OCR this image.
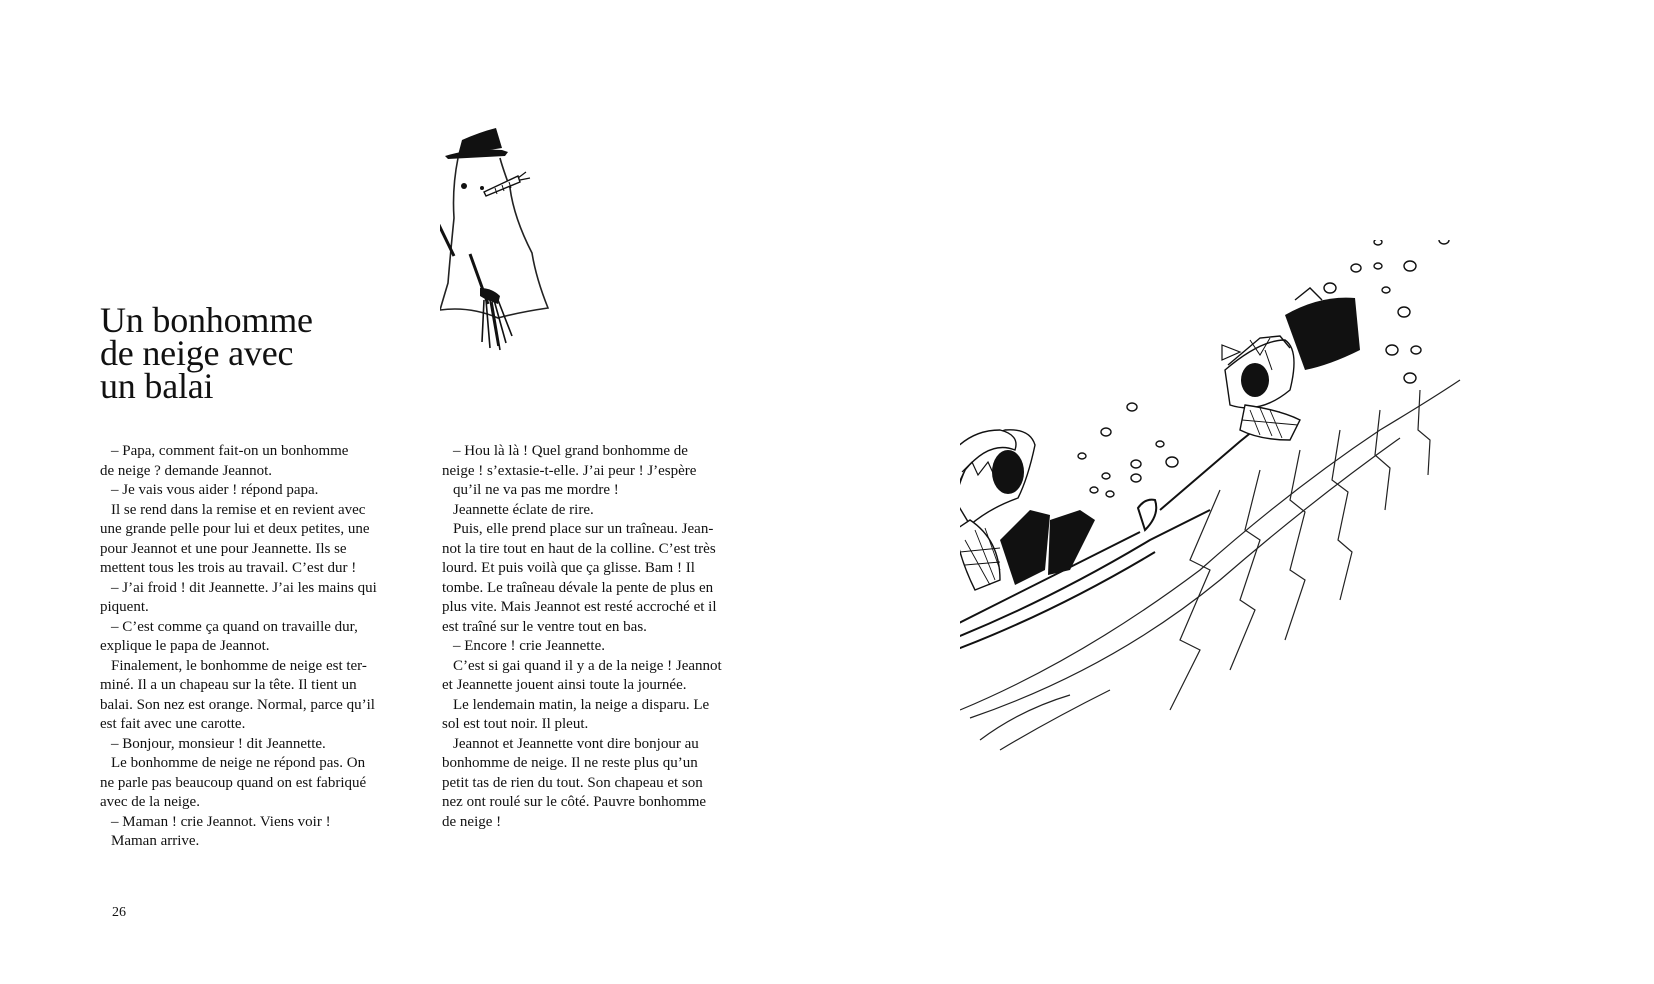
Un bonhomme
de neige avec
un balai
– Papa, comment fait-on un bonhomme
de neige ? demande Jeannot.
– Je vais vous aider ! répond papa.
Il se rend dans la remise et en revient avec
une grande pelle pour lui et deux petites, une
pour Jeannot et une pour Jeannette. Ils se
mettent tous les trois au travail. C’est dur !
– J’ai froid ! dit Jeannette. J’ai les mains qui
piquent.
– C’est comme ça quand on travaille dur,
explique le papa de Jeannot.
Finalement, le bonhomme de neige est ter-
miné. Il a un chapeau sur la tête. Il tient un
balai. Son nez est orange. Normal, parce qu’il
est fait avec une carotte.
– Bonjour, monsieur ! dit Jeannette.
Le bonhomme de neige ne répond pas. On
ne parle pas beaucoup quand on est fabriqué
avec de la neige.
– Maman ! crie Jeannot. Viens voir !
Maman arrive.
– Hou là là ! Quel grand bonhomme de
neige ! s’extasie-t-elle. J’ai peur ! J’espère
qu’il ne va pas me mordre !
Jeannette éclate de rire.
Puis, elle prend place sur un traîneau. Jean-
not la tire tout en haut de la colline. C’est très
lourd. Et puis voilà que ça glisse. Bam ! Il
tombe. Le traîneau dévale la pente de plus en
plus vite. Mais Jeannot est resté accroché et il
est traîné sur le ventre tout en bas.
– Encore ! crie Jeannette.
C’est si gai quand il y a de la neige ! Jeannot
et Jeannette jouent ainsi toute la journée.
Le lendemain matin, la neige a disparu. Le
sol est tout noir. Il pleut.
Jeannot et Jeannette vont dire bonjour au
bonhomme de neige. Il ne reste plus qu’un
petit tas de rien du tout. Son chapeau et son
nez ont roulé sur le côté. Pauvre bonhomme
de neige !
26
